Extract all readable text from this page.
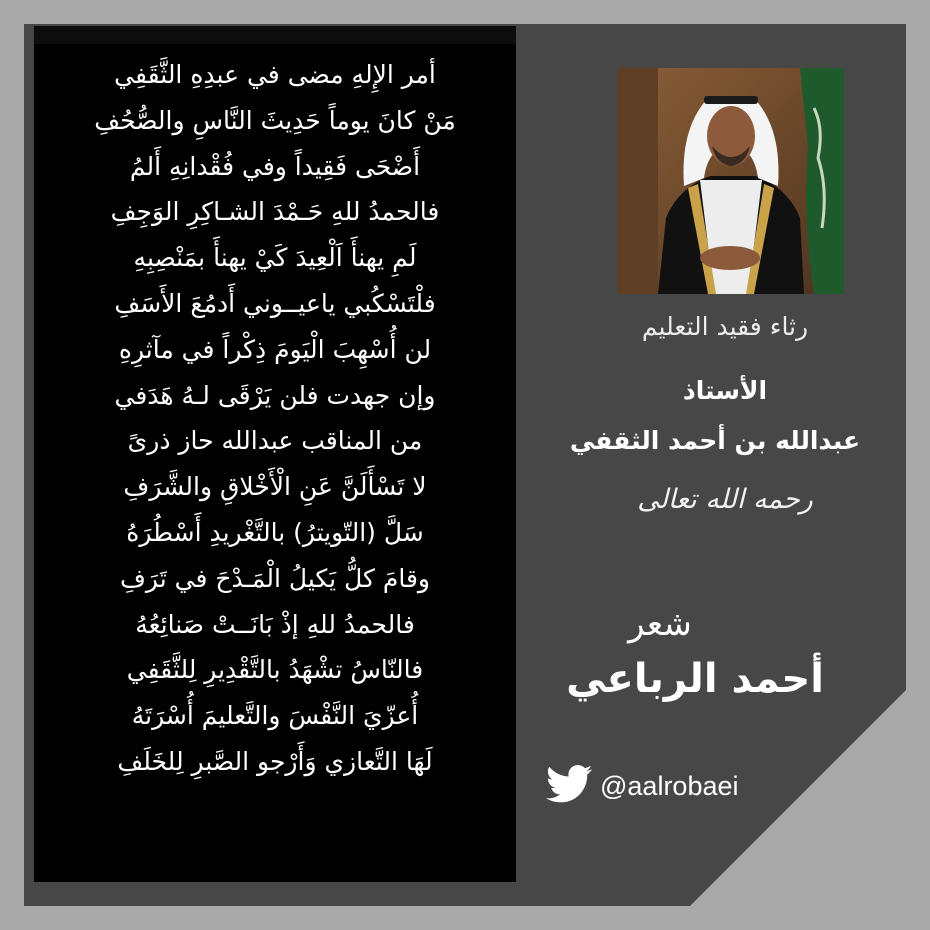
أمر الإِلهِ مضى في عبدِهِ الثَّقَفِي
مَنْ كانَ يوماً حَدِيثَ النَّاسِ والصُّحُفِ
أَضْحَى فَقِيداً وفي فُقْدانِهِ أَلمُ
فالحمدُ للهِ حَـمْدَ الشـاكِرِ الوَجِفِ
لَمِ يهنأَ اَلْعِيدَ كَيْ يهنأَ بمَنْصِبِهِ
فلْتَسْكُبي ياعيــوني أَدمُعَ الأَسَفِ
لن أُسْهِبَ الْيَومَ ذِكْراً في مآثرِهِ
وإن جهدت فلن يَرْقَى لـهُ هَدَفي
من المناقب عبدالله حاز ذرىً
لا تَسْأَلَنَّ عَنِ الْأَخْلاقِ والشَّرَفِ
سَلَّ (التّويترُ) بالتَّغْريدِ أَسْطُرَهُ
وقامَ كلُّ يَكيلُ الْمَـدْحَ في تَرَفِ
فالحمدُ للهِ إذْ بَانَــتْ صَنائِعُهُ
فالنّاسُ تشْهَدُ بالتَّقْدِيرِ لِلثَّقَفِي
أُعزّيَ النَّفْسَ والتَّعليمَ أُسْرَتَهُ
لَهَا التَّعازي وَأَرْجو الصَّبرِ لِلخَلَفِ
رثاء فقيد التعليم
الأستاذ
عبدالله بن أحمد الثقفي
رحمه الله تعالى
شعر
أحمد الرباعي
@aalrobaei
